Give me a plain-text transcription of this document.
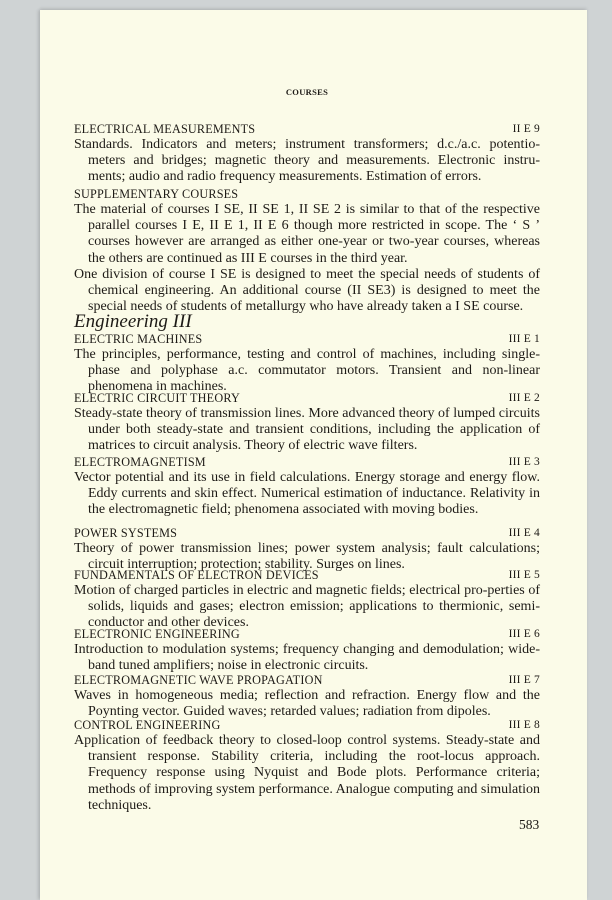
COURSES
ELECTRICAL MEASUREMENTS	II E 9
Standards. Indicators and meters; instrument transformers; d.c./a.c. potentio-meters and bridges; magnetic theory and measurements. Electronic instru-ments; audio and radio frequency measurements. Estimation of errors.
SUPPLEMENTARY COURSES
The material of courses I SE, II SE 1, II SE 2 is similar to that of the respective parallel courses I E, II E 1, II E 6 though more restricted in scope. The ‘ S ’ courses however are arranged as either one-year or two-year courses, whereas the others are continued as III E courses in the third year.
One division of course I SE is designed to meet the special needs of students of chemical engineering. An additional course (II SE3) is designed to meet the special needs of students of metallurgy who have already taken a I SE course.
Engineering III
ELECTRIC MACHINES	III E 1
The principles, performance, testing and control of machines, including single-phase and polyphase a.c. commutator motors. Transient and non-linear phenomena in machines.
ELECTRIC CIRCUIT THEORY	III E 2
Steady-state theory of transmission lines. More advanced theory of lumped circuits under both steady-state and transient conditions, including the application of matrices to circuit analysis. Theory of electric wave filters.
ELECTROMAGNETISM	III E 3
Vector potential and its use in field calculations. Energy storage and energy flow. Eddy currents and skin effect. Numerical estimation of inductance. Relativity in the electromagnetic field; phenomena associated with moving bodies.
POWER SYSTEMS	III E 4
Theory of power transmission lines; power system analysis; fault calculations; circuit interruption; protection; stability. Surges on lines.
FUNDAMENTALS OF ELECTRON DEVICES	III E 5
Motion of charged particles in electric and magnetic fields; electrical pro-perties of solids, liquids and gases; electron emission; applications to thermionic, semi-conductor and other devices.
ELECTRONIC ENGINEERING	III E 6
Introduction to modulation systems; frequency changing and demodulation; wide-band tuned amplifiers; noise in electronic circuits.
ELECTROMAGNETIC WAVE PROPAGATION	III E 7
Waves in homogeneous media; reflection and refraction. Energy flow and the Poynting vector. Guided waves; retarded values; radiation from dipoles.
CONTROL ENGINEERING	III E 8
Application of feedback theory to closed-loop control systems. Steady-state and transient response. Stability criteria, including the root-locus approach. Frequency response using Nyquist and Bode plots. Performance criteria; methods of improving system performance. Analogue computing and simulation techniques.
583
